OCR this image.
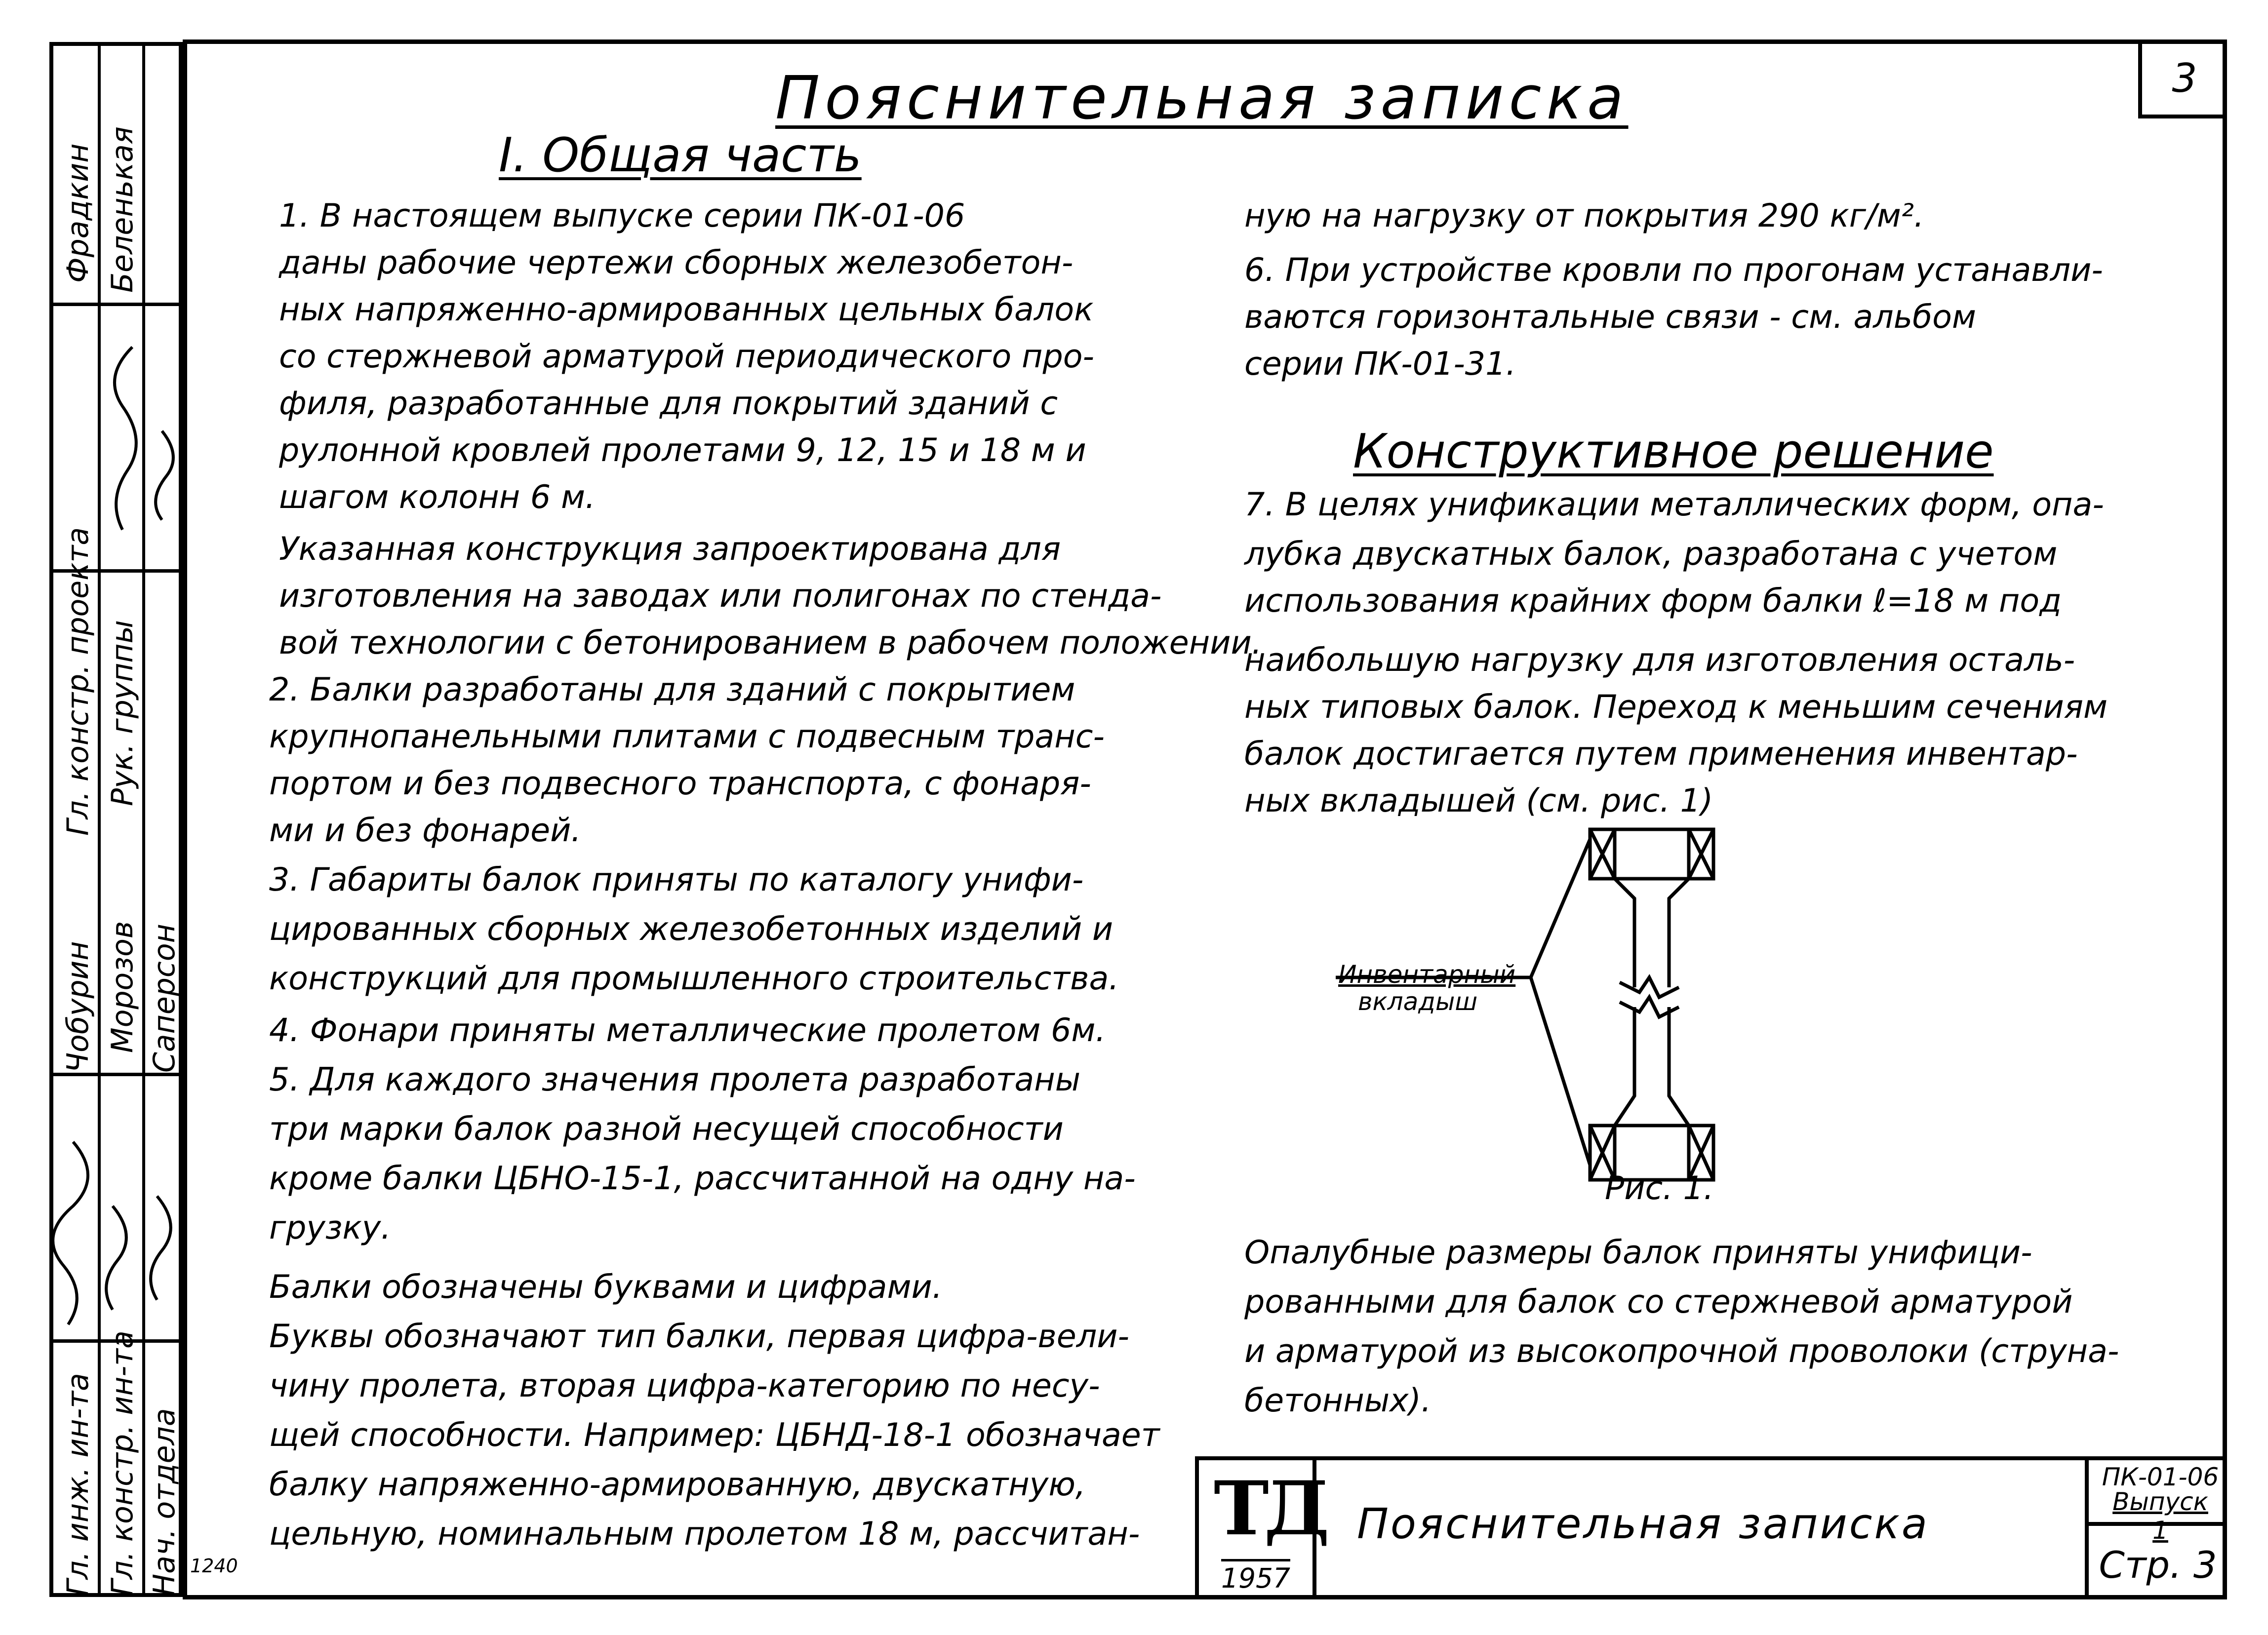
3
Фрадкин Беленькая
Гл. констр. проекта Рук. группы
Чобурин Морозов Саперсон
Гл. инж. ин-та Гл. констр. ин-та Нач. отдела
Пояснительная записка
I. Общая часть
Конструктивное решение
1. В настоящем выпуске серии ПК-01-06
даны рабочие чертежи сборных железобетон-
ных напряженно-армированных цельных балок
со стержневой арматурой периодического про-
филя, разработанные для покрытий зданий с
рулонной кровлей пролетами 9, 12, 15 и 18 м и
шагом колонн 6 м.
Указанная конструкция запроектирована для
изготовления на заводах или полигонах по стенда-
вой технологии с бетонированием в рабочем положении.
2. Балки разработаны для зданий с покрытием
крупнопанельными плитами с подвесным транс-
портом и без подвесного транспорта, с фонаря-
ми и без фонарей.
3. Габариты балок приняты по каталогу унифи-
цированных сборных железобетонных изделий и
конструкций для промышленного строительства.
4. Фонари приняты металлические пролетом 6м.
5. Для каждого значения пролета разработаны
три марки балок разной несущей способности
кроме балки ЦБНО-15-1, рассчитанной на одну на-
грузку.
Балки обозначены буквами и цифрами.
Буквы обозначают тип балки, первая цифра-вели-
чину пролета, вторая цифра-категорию по несу-
щей способности. Например: ЦБНД-18-1 обозначает
балку напряженно-армированную, двускатную,
цельную, номинальным пролетом 18 м, рассчитан-
ную на нагрузку от покрытия 290 кг/м².
6. При устройстве кровли по прогонам устанавли-
ваются горизонтальные связи - см. альбом
серии ПК-01-31.
7. В целях унификации металлических форм, опа-
лубка двускатных балок, разработана с учетом
использования крайних форм балки ℓ=18 м под
наибольшую нагрузку для изготовления осталь-
ных типовых балок. Переход к меньшим сечениям
балок достигается путем применения инвентар-
ных вкладышей (см. рис. 1)
Опалубные размеры балок приняты унифици-
рованными для балок со стержневой арматурой
и арматурой из высокопрочной проволоки (струна-
бетонных).
Инвентарный
вкладыш
Рис. 1.
ТД
1957
Пояснительная записка
ПК-01-06
Выпуск 1
Стр. 3
1240
